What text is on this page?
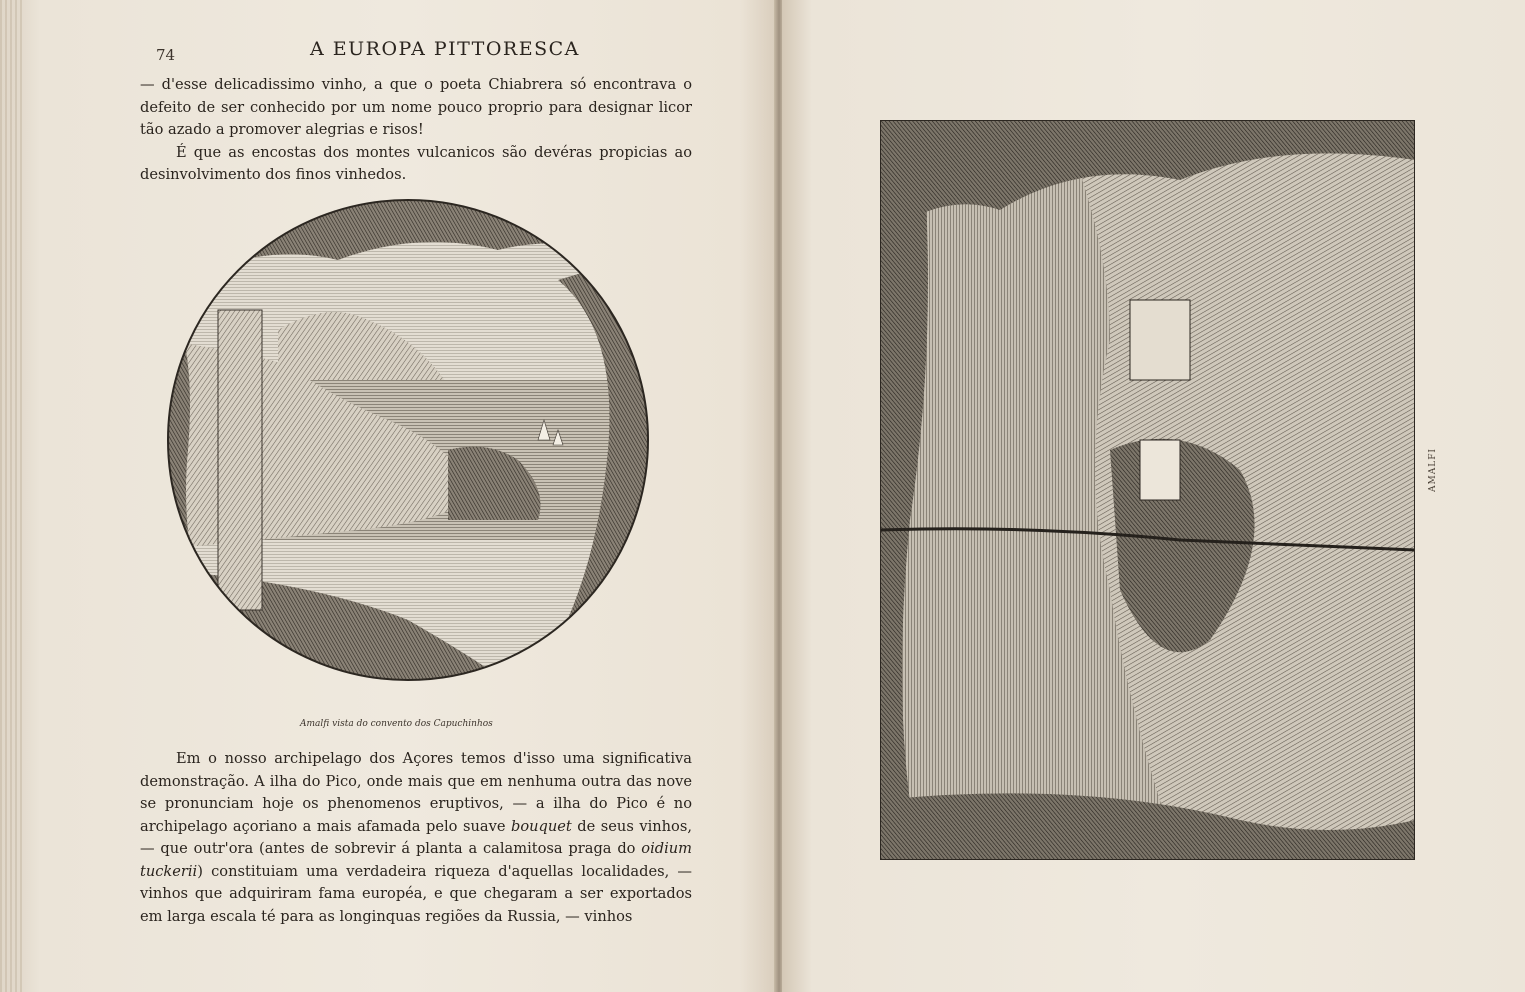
74	A EUROPA PITTORESCA

— d'esse delicadissimo vinho, a que o poeta Chiabrera só encontrava o defeito de ser conhecido por um nome pouco proprio para designar licor tão azado a promover alegrias e risos!

É que as encostas dos montes vulcanicos são devéras propicias ao desinvolvimento dos finos vinhedos.

Amalfi vista do convento dos Capuchinhos

Em o nosso archipelago dos Açores temos d'isso uma significativa demonstração. A ilha do Pico, onde mais que em nenhuma outra das nove se pronunciam hoje os phenomenos eruptivos, — a ilha do Pico é no archipelago açoriano a mais afamada pelo suave bouquet de seus vinhos, — que outr'ora (antes de sobrevir á planta a calamitosa praga do oidium tuckerii) constituiam uma verdadeira riqueza d'aquellas localidades, — vinhos que adquiriram fama européa, e que chegaram a ser exportados em larga escala té para as longinquas regiões da Russia, — vinhos

AMALFI
